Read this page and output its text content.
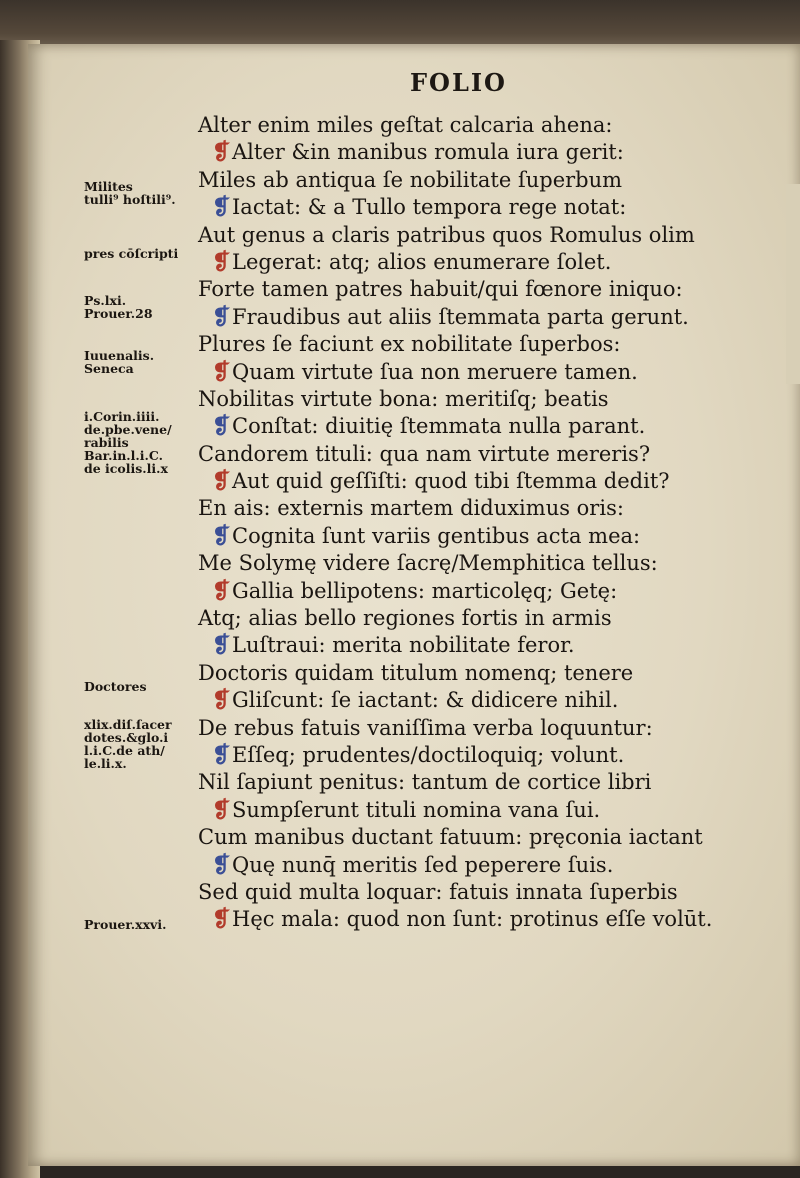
FOLIO
Milites
tulli⁹ hoſtili⁹.
pres cōſcripti
Ps.lxi.
Prouer.28
Iuuenalis.
Seneca
i.Corin.iiii.
de.pbe.vene/
rabilis
Bar.in.l.i.C.
de icolis.li.x
Doctores
xlix.diſ.ſacer
dotes.&glo.i
l.i.C.de ath/
le.li.x.
Prouer.xxvi.
Alter enim miles geſtat calcaria ahena:
❡Alter &in manibus romula iura gerit:
Miles ab antiqua ſe nobilitate ſuperbum
❡Iactat: & a Tullo tempora rege notat:
Aut genus a claris patribus quos Romulus olim
❡Legerat: atq; alios enumerare ſolet.
Forte tamen patres habuit/qui fœnore iniquo:
❡Fraudibus aut aliis ſtemmata parta gerunt.
Plures ſe faciunt ex nobilitate ſuperbos:
❡Quam virtute ſua non meruere tamen.
Nobilitas virtute bona: meritiſq; beatis
❡Conſtat: diuitię ſtemmata nulla parant.
Candorem tituli: qua nam virtute mereris?
❡Aut quid geſſiſti: quod tibi ſtemma dedit?
En ais: externis martem diduximus oris:
❡Cognita ſunt variis gentibus acta mea:
Me Solymę videre ſacrę/Memphitica tellus:
❡Gallia bellipotens: marticolęq; Getę:
Atq; alias bello regiones fortis in armis
❡Luſtraui: merita nobilitate feror.
Doctoris quidam titulum nomenq; tenere
❡Gliſcunt: ſe iactant: & didicere nihil.
De rebus fatuis vaniſſima verba loquuntur:
❡Eſſeq; prudentes/doctiloquiq; volunt.
Nil ſapiunt penitus: tantum de cortice libri
❡Sumpſerunt tituli nomina vana ſui.
Cum manibus ductant fatuum: pręconia iactant
❡Quę nunq̄ meritis ſed peperere ſuis.
Sed quid multa loquar: fatuis innata ſuperbis
❡Hęc mala: quod non ſunt: protinus eſſe volūt.
